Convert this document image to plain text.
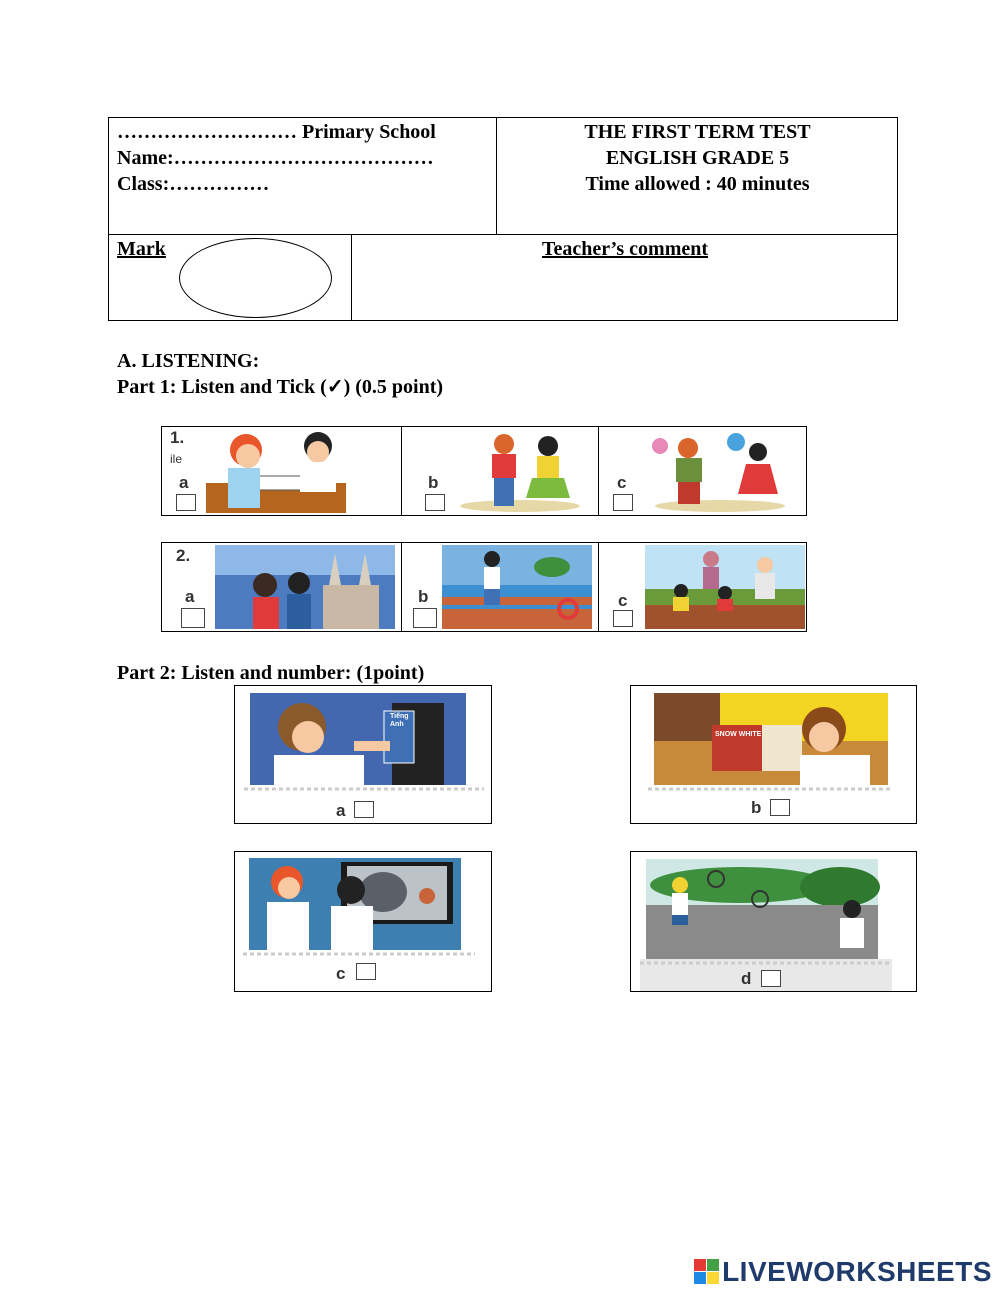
……………………… Primary School
Name:…………………………………
Class:……………
THE FIRST TERM TEST
ENGLISH GRADE 5
Time allowed : 40 minutes
Mark	Teacher’s comment
A. LISTENING:
Part 1: Listen and Tick (✓) (0.5 point)
1.
ile
a	b	c
2.
a	b	c
Part 2: Listen and number: (1point)
Tiếng Anh
a
SNOW WHITE
b
c	d
LIVEWORKSHEETS
